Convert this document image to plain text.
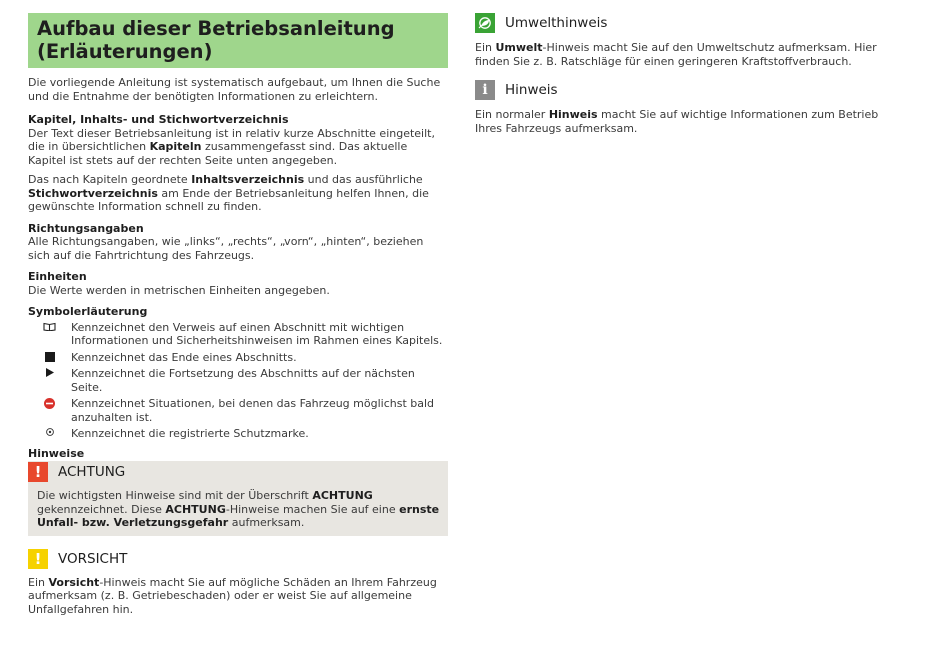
Aufbau dieser Betriebsanleitung (Erläuterungen)

Die vorliegende Anleitung ist systematisch aufgebaut, um Ihnen die Suche und die Entnahme der benötigten Informationen zu erleichtern.

Kapitel, Inhalts- und Stichwortverzeichnis

Der Text dieser Betriebsanleitung ist in relativ kurze Abschnitte eingeteilt, die in übersichtlichen Kapiteln zusammengefasst sind. Das aktuelle Kapitel ist stets auf der rechten Seite unten angegeben.

Das nach Kapiteln geordnete Inhaltsverzeichnis und das ausführliche Stichwortverzeichnis am Ende der Betriebsanleitung helfen Ihnen, die gewünschte Information schnell zu finden.

Richtungsangaben

Alle Richtungsangaben, wie „links“, „rechts“, „vorn“, „hinten“, beziehen sich auf die Fahrtrichtung des Fahrzeugs.

Einheiten

Die Werte werden in metrischen Einheiten angegeben.

Symbolerläuterung
Kennzeichnet den Verweis auf einen Abschnitt mit wichtigen Informationen und Sicherheitshinweisen im Rahmen eines Kapitels.
Kennzeichnet das Ende eines Abschnitts.
Kennzeichnet die Fortsetzung des Abschnitts auf der nächsten Seite.
Kennzeichnet Situationen, bei denen das Fahrzeug möglichst bald anzuhalten ist.
Kennzeichnet die registrierte Schutzmarke.
Hinweise
!	ACHTUNG

Die wichtigsten Hinweise sind mit der Überschrift ACHTUNG gekennzeichnet. Diese ACHTUNG-Hinweise machen Sie auf eine ernste Unfall- bzw. Verletzungsgefahr aufmerksam.

!	VORSICHT

Ein Vorsicht-Hinweis macht Sie auf mögliche Schäden an Ihrem Fahrzeug aufmerksam (z. B. Getriebeschaden) oder er weist Sie auf allgemeine Unfallgefahren hin.

Umwelthinweis

Ein Umwelt-Hinweis macht Sie auf den Umweltschutz aufmerksam. Hier finden Sie z. B. Ratschläge für einen geringeren Kraftstoffverbrauch.

i	Hinweis

Ein normaler Hinweis macht Sie auf wichtige Informationen zum Betrieb Ihres Fahrzeugs aufmerksam.
